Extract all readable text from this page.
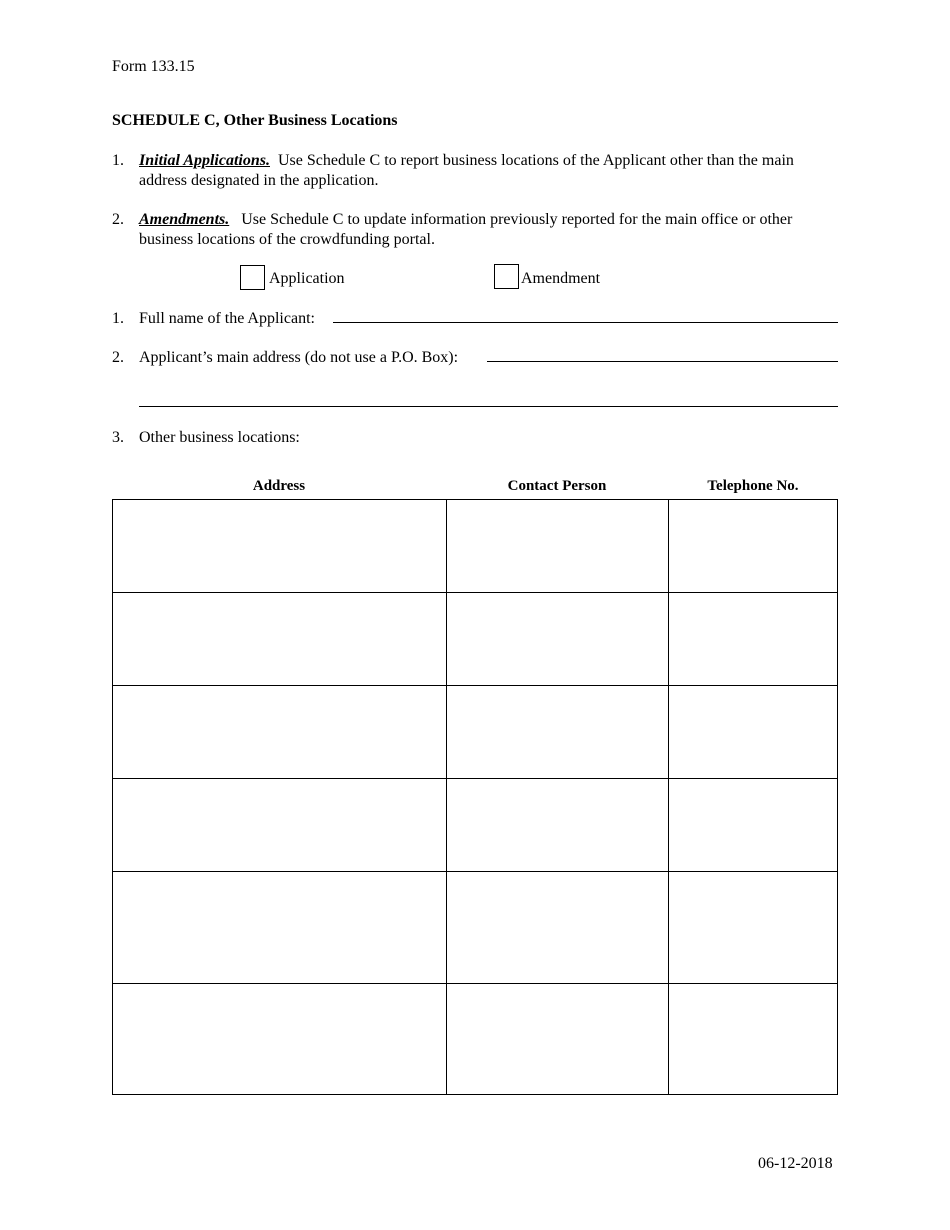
Form 133.15
SCHEDULE C, Other Business Locations
1. Initial Applications. Use Schedule C to report business locations of the Applicant other than the main
address designated in the application.
2. Amendments. Use Schedule C to update information previously reported for the main office or other
business locations of the crowdfunding portal.
Application	Amendment
1. Full name of the Applicant:
2. Applicant’s main address (do not use a P.O. Box):
3. Other business locations:
Address	Contact Person	Telephone No.

06-12-2018
